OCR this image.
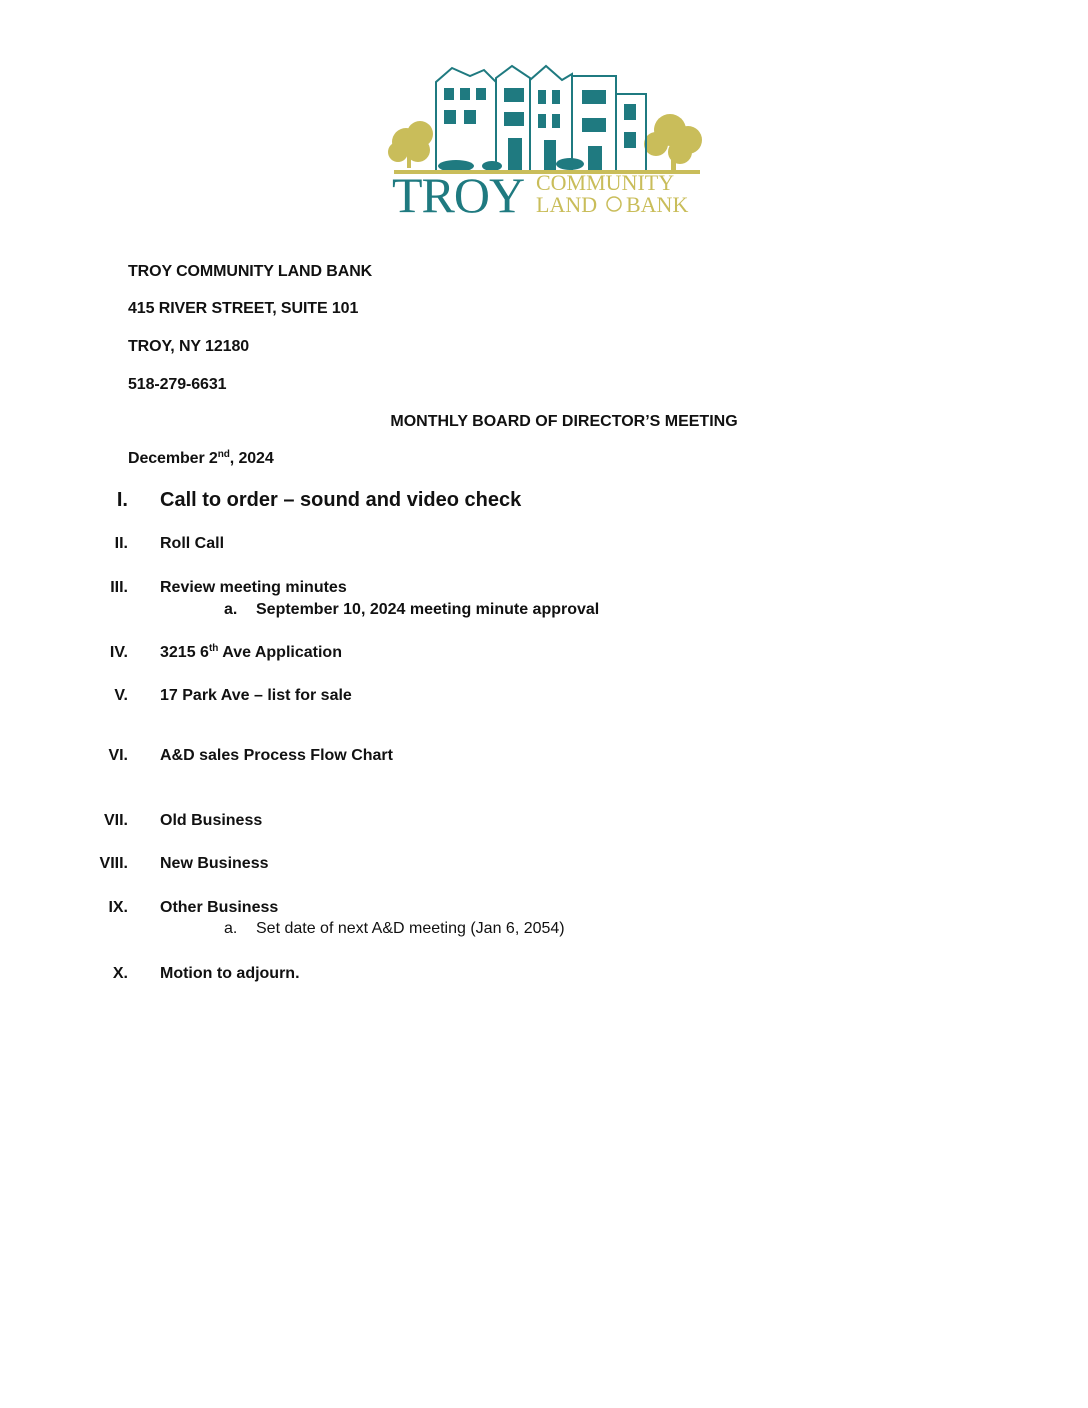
TROY COMMUNITY
LAND BANK
TROY COMMUNITY LAND BANK
415 RIVER STREET, SUITE 101
TROY, NY 12180
518-279-6631
MONTHLY BOARD OF DIRECTOR’S MEETING
December 2nd, 2024
I. Call to order – sound and video check
II. Roll Call
III. Review meeting minutes
a. September 10, 2024 meeting minute approval
IV. 3215 6th Ave Application
V. 17 Park Ave – list for sale
VI. A&D sales Process Flow Chart
VII. Old Business
VIII. New Business
IX. Other Business
a. Set date of next A&D meeting (Jan 6, 2054)
X. Motion to adjourn.
